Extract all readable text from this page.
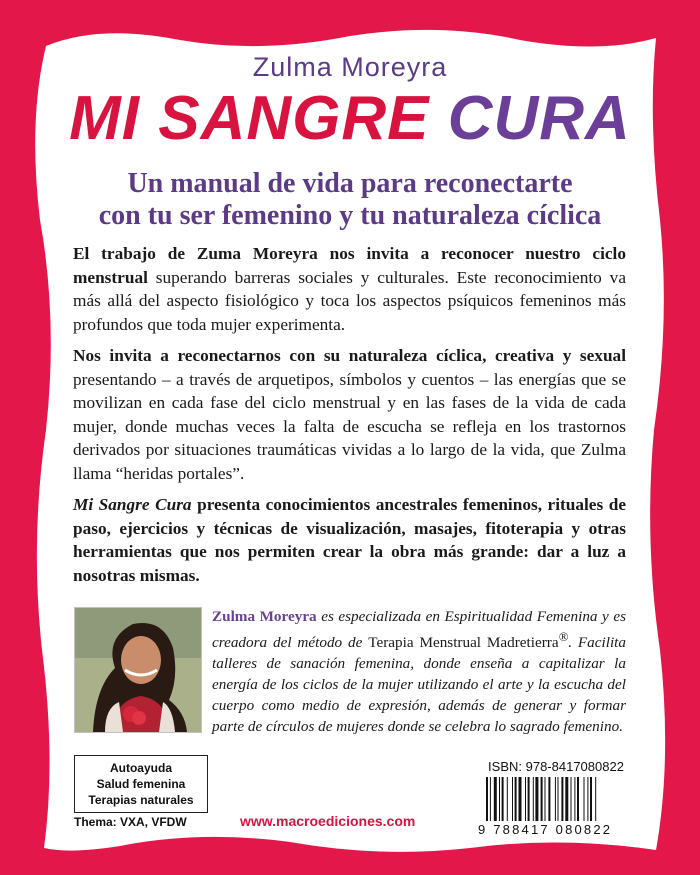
Zulma Moreyra
MI SANGRE CURA
Un manual de vida para reconectarte
con tu ser femenino y tu naturaleza cíclica

El trabajo de Zuma Moreyra nos invita a reconocer nuestro ciclo menstrual superando barreras sociales y culturales. Este reconocimiento va más allá del aspecto fisiológico y toca los aspectos psíquicos femeninos más profundos que toda mujer experimenta.

Nos invita a reconectarnos con su naturaleza cíclica, creativa y sexual presentando – a través de arquetipos, símbolos y cuentos – las energías que se movilizan en cada fase del ciclo menstrual y en las fases de la vida de cada mujer, donde muchas veces la falta de escucha se refleja en los trastornos derivados por situaciones traumáticas vividas a lo largo de la vida, que Zulma llama “heridas portales”.

Mi Sangre Cura presenta conocimientos ancestrales femeninos, rituales de paso, ejercicios y técnicas de visualización, masajes, fitoterapia y otras herramientas que nos permiten crear la obra más grande: dar a luz a nosotras mismas.

Zulma Moreyra es especializada en Espiritualidad Femenina y es creadora del método de Terapia Menstrual Madretierra®. Facilita talleres de sanación femenina, donde enseña a capitalizar la energía de los ciclos de la mujer utilizando el arte y la escucha del cuerpo como medio de expresión, además de generar y formar parte de círculos de mujeres donde se celebra lo sagrado femenino.
Autoayuda
Salud femenina
Terapias naturales
Thema: VXA, VFDW	www.macroediciones.com
ISBN: 978-8417080822
9 788417 080822
